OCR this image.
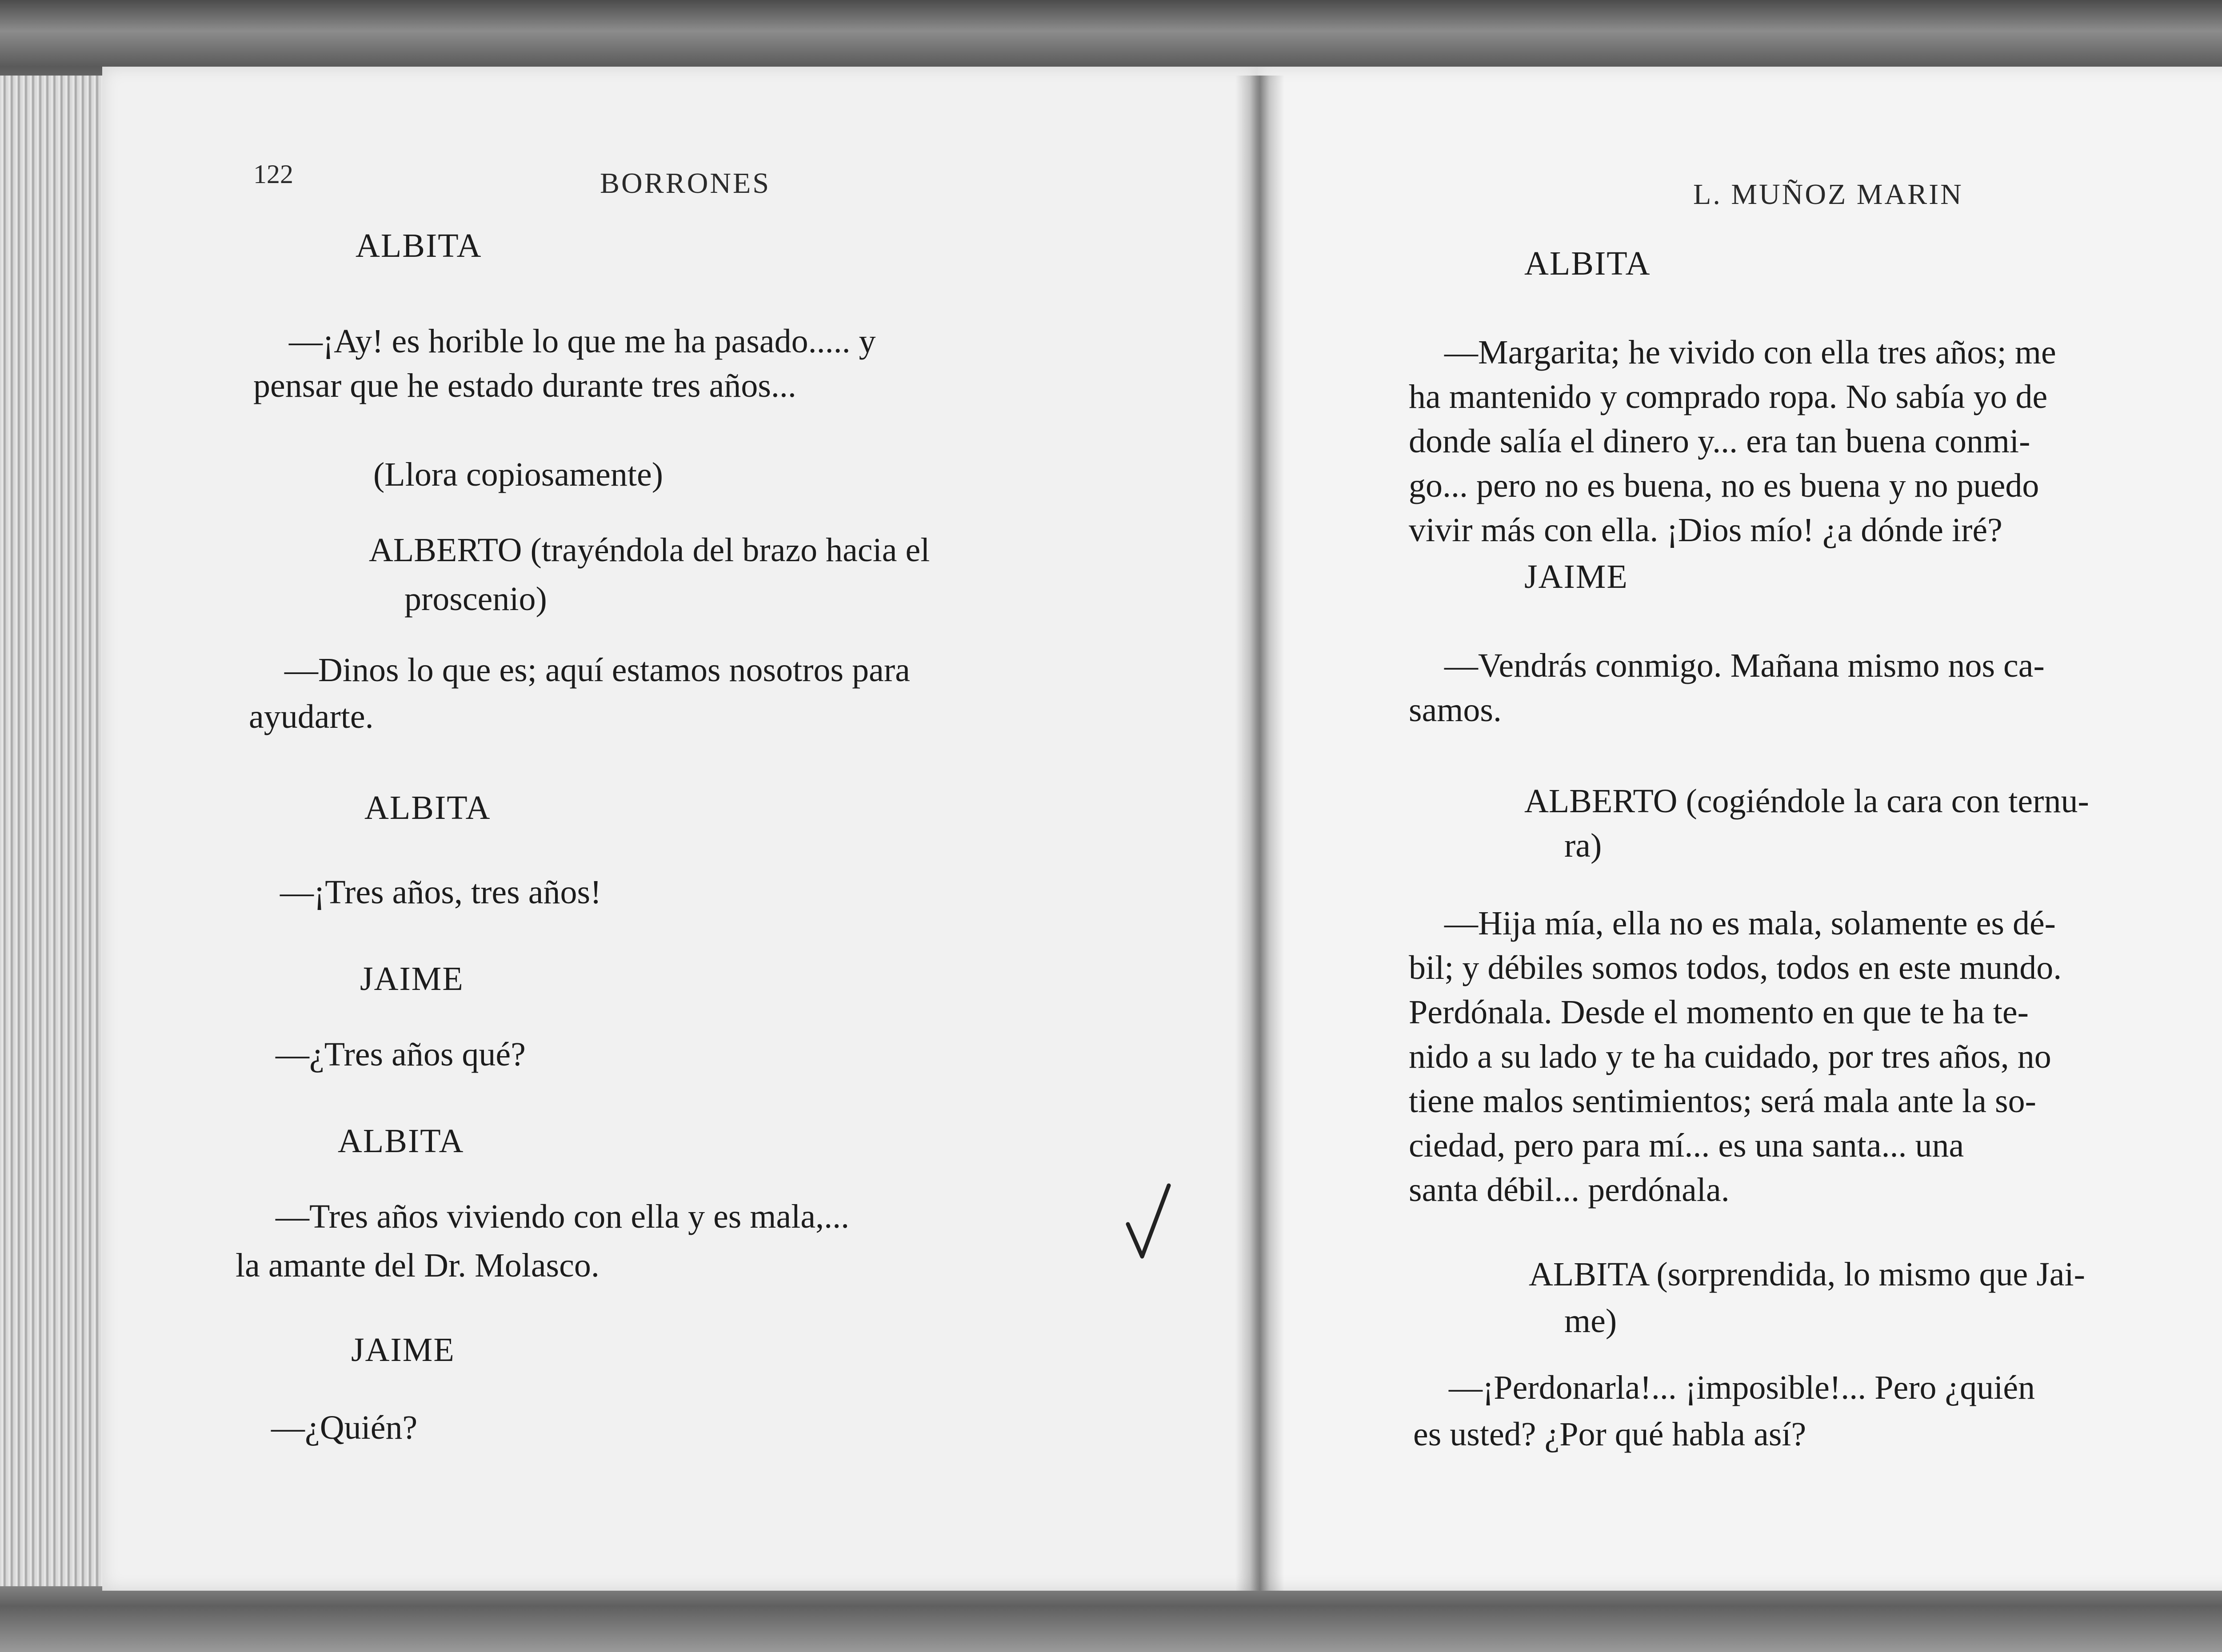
122	BORRONES
ALBITA
—¡Ay! es horible lo que me ha pasado..... y
pensar que he estado durante tres años...
(Llora copiosamente)
ALBERTO (trayéndola del brazo hacia el
proscenio)
—Dinos lo que es; aquí estamos nosotros para
ayudarte.
ALBITA
—¡Tres años, tres años!
JAIME
—¿Tres años qué?
ALBITA
—Tres años viviendo con ella y es mala,...
la amante del Dr. Molasco.
JAIME
—¿Quién?
L. MUÑOZ MARIN
ALBITA
—Margarita; he vivido con ella tres años; me
ha mantenido y comprado ropa. No sabía yo de
donde salía el dinero y... era tan buena conmi-
go... pero no es buena, no es buena y no puedo
vivir más con ella. ¡Dios mío! ¿a dónde iré?
JAIME
—Vendrás conmigo. Mañana mismo nos ca-
samos.
ALBERTO (cogiéndole la cara con ternu-
ra)
—Hija mía, ella no es mala, solamente es dé-
bil; y débiles somos todos, todos en este mundo.
Perdónala. Desde el momento en que te ha te-
nido a su lado y te ha cuidado, por tres años, no
tiene malos sentimientos; será mala ante la so-
ciedad, pero para mí... es una santa... una
santa débil... perdónala.
ALBITA (sorprendida, lo mismo que Jai-
me)
—¡Perdonarla!... ¡imposible!... Pero ¿quién
es usted? ¿Por qué habla así?
